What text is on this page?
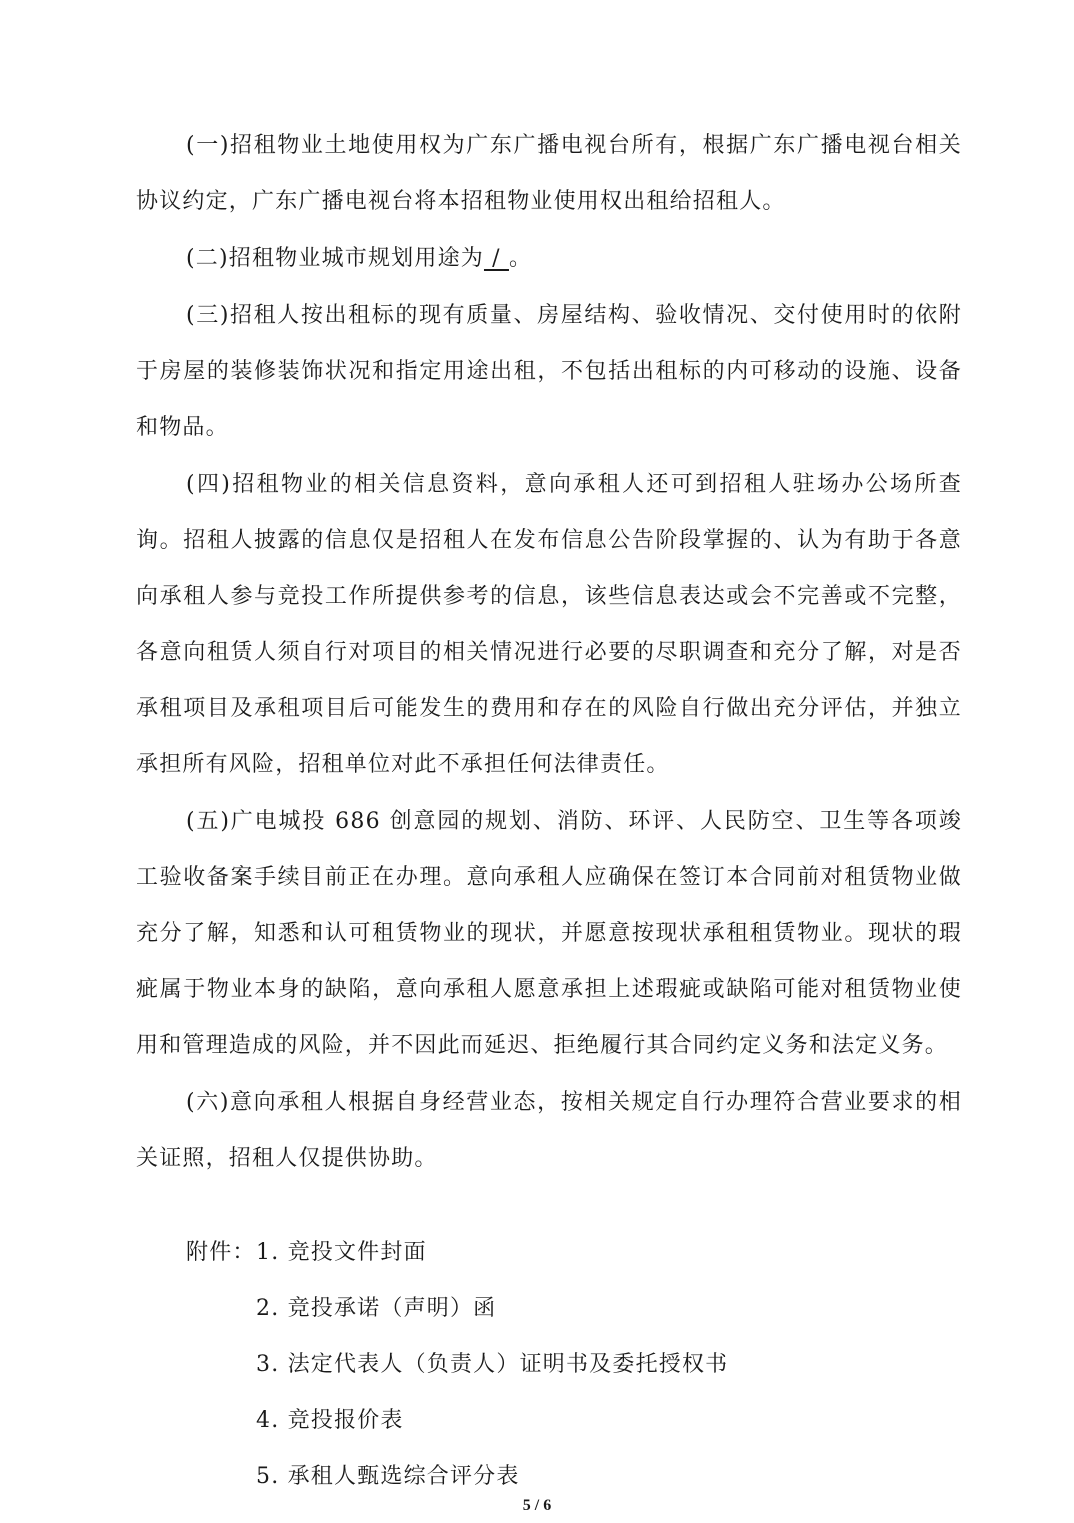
(一)招租物业土地使用权为广东广播电视台所有，根据广东广播电视台相关协议约定，广东广播电视台将本招租物业使用权出租给招租人。

(二)招租物业城市规划用途为 / 。

(三)招租人按出租标的现有质量、房屋结构、验收情况、交付使用时的依附于房屋的装修装饰状况和指定用途出租，不包括出租标的内可移动的设施、设备和物品。

(四)招租物业的相关信息资料，意向承租人还可到招租人驻场办公场所查询。招租人披露的信息仅是招租人在发布信息公告阶段掌握的、认为有助于各意向承租人参与竞投工作所提供参考的信息，该些信息表达或会不完善或不完整，各意向租赁人须自行对项目的相关情况进行必要的尽职调查和充分了解，对是否承租项目及承租项目后可能发生的费用和存在的风险自行做出充分评估，并独立承担所有风险，招租单位对此不承担任何法律责任。

(五)广电城投 686 创意园的规划、消防、环评、人民防空、卫生等各项竣工验收备案手续目前正在办理。意向承租人应确保在签订本合同前对租赁物业做充分了解，知悉和认可租赁物业的现状，并愿意按现状承租租赁物业。现状的瑕疵属于物业本身的缺陷，意向承租人愿意承担上述瑕疵或缺陷可能对租赁物业使用和管理造成的风险，并不因此而延迟、拒绝履行其合同约定义务和法定义务。

(六)意向承租人根据自身经营业态，按相关规定自行办理符合营业要求的相关证照，招租人仅提供协助。

附件： 1. 竞投文件封面
2. 竞投承诺（声明）函
3. 法定代表人（负责人）证明书及委托授权书
4. 竞投报价表
5. 承租人甄选综合评分表
5 / 6
